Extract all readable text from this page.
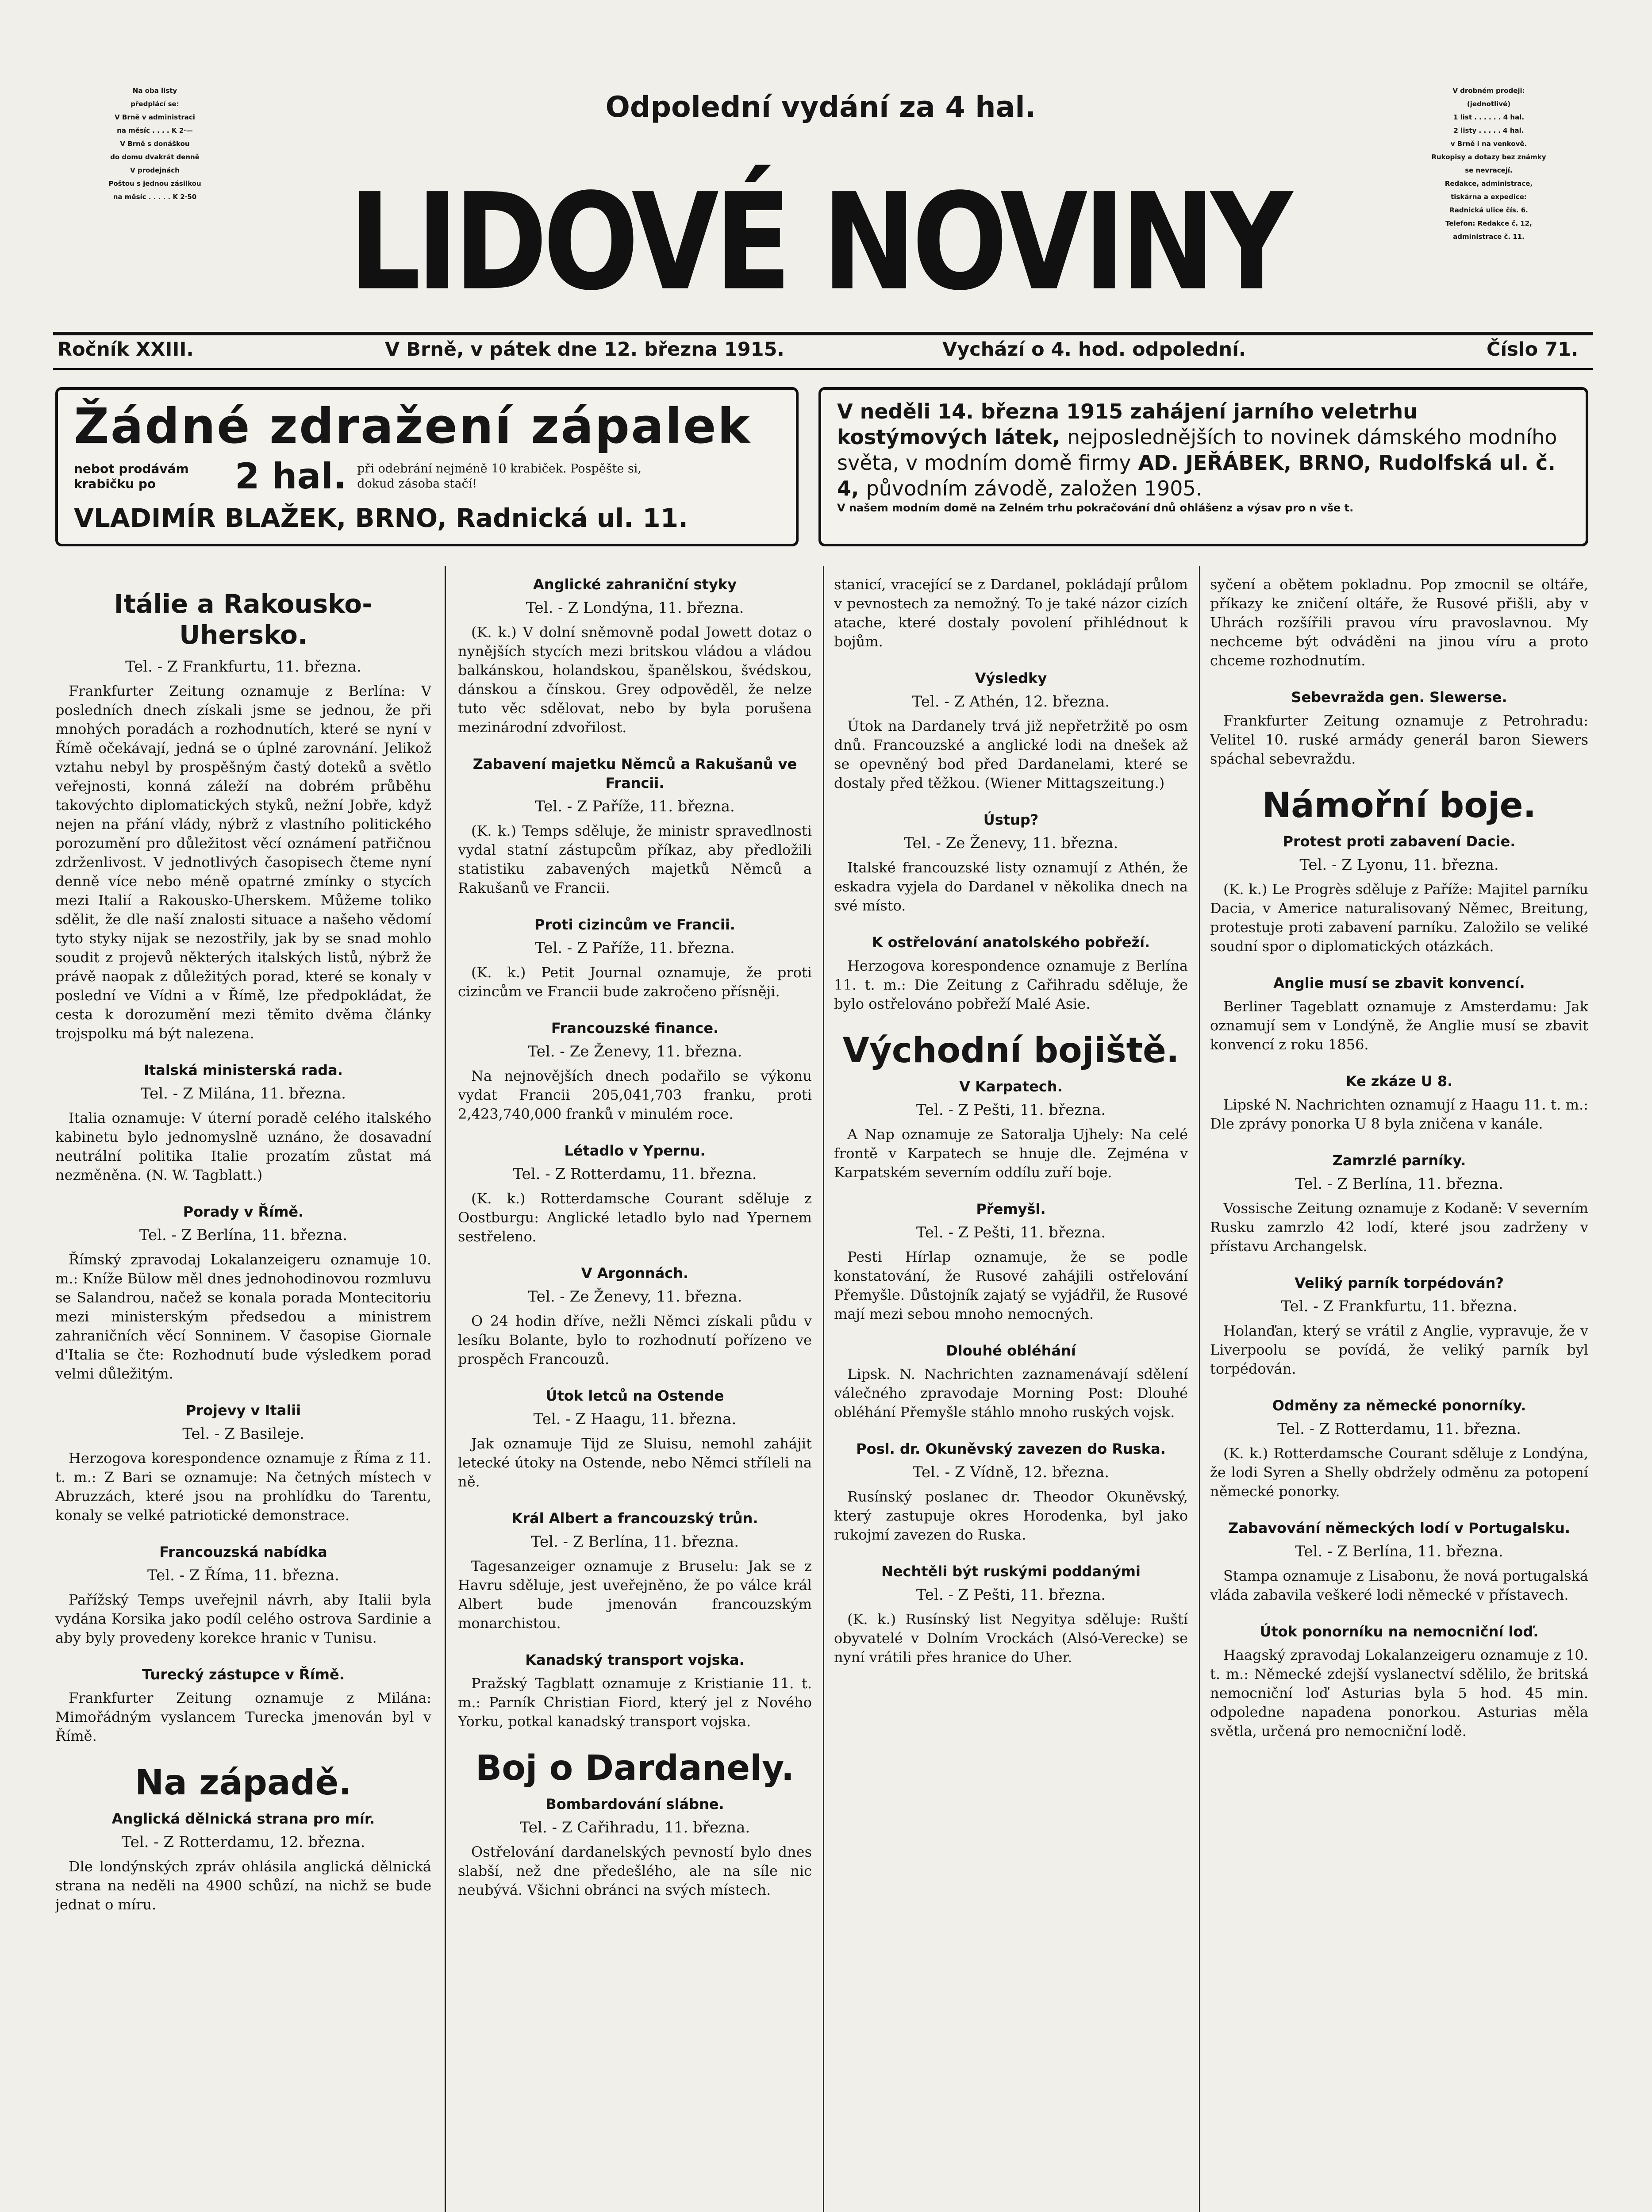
Na oba listy
předplácí se:
V Brně v administraci
na měsíc . . . . K 2·—
V Brně s donáškou
do domu dvakrát denně
V prodejnách
Poštou s jednou zásilkou
na měsíc . . . . . K 2·50
Odpolední vydání za 4 hal.
LIDOVÉ NOVINY
V drobném prodeji:
(jednotlivé)
1 list . . . . . . 4 hal.
2 listy . . . . . 4 hal.
v Brně i na venkově.
Rukopisy a dotazy bez známky
se nevracejí.
Redakce, administrace,
tiskárna a expedice:
Radnická ulice čís. 6.
Telefon: Redakce č. 12,
administrace č. 11.
Ročník XXIII.	V Brně, v pátek dne 12. března 1915.	Vychází o 4. hod. odpolední.	Číslo 71.
Žádné zdražení zápalek
nebot prodávám krabičku po	2 hal. při odebrání nejméně 10 krabiček. Pospěšte si, dokud zásoba stačí!
VLADIMÍR BLAŽEK, BRNO, Radnická ul. 11.
V neděli 14. března 1915 zahájení jarního veletrhu kostýmových látek, nejposlednějších to novinek dámského modního světa, v modním domě firmy AD. JEŘÁBEK, BRNO, Rudolfská ul. č. 4, původním závodě, založen 1905.
V našem modním domě na Zelném trhu pokračování dnů ohlášenz a výsav pro n vše t.
Itálie a Rakousko-Uhersko.
Tel. - Z Frankfurtu, 11. března.

Frankfurter Zeitung oznamuje z Berlína: V posledních dnech získali jsme se jednou, že při mnohých poradách a rozhodnutích, které se nyní v Římě očekávají, jedná se o úplné zarovnání. Jelikož vztahu nebyl by prospěšným častý doteků a světlo veřejnosti, konná záleží na dobrém průběhu takovýchto diplomatických styků, nežní Jobře, když nejen na přání vlády, nýbrž z vlastního politického porozumění pro důležitost věcí oznámení patřičnou zdrženlivost. V jednotlivých časopisech čteme nyní denně více nebo méně opatrné zmínky o stycích mezi Italií a Rakousko-Uherskem. Můžeme toliko sdělit, že dle naší znalosti situace a našeho vědomí tyto styky nijak se nezostřily, jak by se snad mohlo soudit z projevů některých italských listů, nýbrž že právě naopak z důležitých porad, které se konaly v poslední ve Vídni a v Římě, lze předpokládat, že cesta k dorozumění mezi těmito dvěma články trojspolku má být nalezena.

Italská ministerská rada.
Tel. - Z Milána, 11. března.

Italia oznamuje: V úterní poradě celého italského kabinetu bylo jednomyslně uznáno, že dosavadní neutrální politika Italie prozatím zůstat má nezměněna. (N. W. Tagblatt.)

Porady v Římě.
Tel. - Z Berlína, 11. března.

Římský zpravodaj Lokalanzeigeru oznamuje 10. m.: Kníže Bülow měl dnes jednohodinovou rozmluvu se Salandrou, načež se konala porada Montecitoriu mezi ministerským předsedou a ministrem zahraničních věcí Sonninem. V časopise Giornale d'Italia se čte: Rozhodnutí bude výsledkem porad velmi důležitým.

Projevy v Italii
Tel. - Z Basileje.

Herzogova korespondence oznamuje z Říma z 11. t. m.: Z Bari se oznamuje: Na četných místech v Abruzzách, které jsou na prohlídku do Tarentu, konaly se velké patriotické demonstrace.

Francouzská nabídka
Tel. - Z Říma, 11. března.

Pařížský Temps uveřejnil návrh, aby Italii byla vydána Korsika jako podíl celého ostrova Sardinie a aby byly provedeny korekce hranic v Tunisu.

Turecký zástupce v Římě.

Frankfurter Zeitung oznamuje z Milána: Mimořádným vyslancem Turecka jmenován byl v Římě.

Na západě.
Anglická dělnická strana pro mír.
Tel. - Z Rotterdamu, 12. března.

Dle londýnských zpráv ohlásila anglická dělnická strana na neděli na 4900 schůzí, na nichž se bude jednat o míru.

Anglické zahraniční styky
Tel. - Z Londýna, 11. března.

(K. k.) V dolní sněmovně podal Jowett dotaz o nynějších stycích mezi britskou vládou a vládou balkánskou, holandskou, španělskou, švédskou, dánskou a čínskou. Grey odpověděl, že nelze tuto věc sdělovat, nebo by byla porušena mezinárodní zdvořilost.

Zabavení majetku Němců a Rakušanů ve Francii.
Tel. - Z Paříže, 11. března.

(K. k.) Temps sděluje, že ministr spravedlnosti vydal statní zástupcům příkaz, aby předložili statistiku zabavených majetků Němců a Rakušanů ve Francii.

Proti cizincům ve Francii.
Tel. - Z Paříže, 11. března.

(K. k.) Petit Journal oznamuje, že proti cizincům ve Francii bude zakročeno přísněji.

Francouzské finance.
Tel. - Ze Ženevy, 11. března.

Na nejnovějších dnech podařilo se výkonu vydat Francii 205,041,703 franku, proti 2,423,740,000 franků v minulém roce.

Létadlo v Ypernu.
Tel. - Z Rotterdamu, 11. března.

(K. k.) Rotterdamsche Courant sděluje z Oostburgu: Anglické letadlo bylo nad Ypernem sestřeleno.

V Argonnách.
Tel. - Ze Ženevy, 11. března.

O 24 hodin dříve, nežli Němci získali půdu v lesíku Bolante, bylo to rozhodnutí pořízeno ve prospěch Francouzů.

Útok letců na Ostende
Tel. - Z Haagu, 11. března.

Jak oznamuje Tijd ze Sluisu, nemohl zahájit letecké útoky na Ostende, nebo Němci stříleli na ně.

Král Albert a francouzský trůn.
Tel. - Z Berlína, 11. března.

Tagesanzeiger oznamuje z Bruselu: Jak se z Havru sděluje, jest uveřejněno, že po válce král Albert bude jmenován francouzským monarchistou.

Kanadský transport vojska.

Pražský Tagblatt oznamuje z Kristianie 11. t. m.: Parník Christian Fiord, který jel z Nového Yorku, potkal kanadský transport vojska.

Boj o Dardanely.
Bombardování slábne.
Tel. - Z Cařihradu, 11. března.

Ostřelování dardanelských pevností bylo dnes slabší, než dne předešlého, ale na síle nic neubývá. Všichni obránci na svých místech.

stanicí, vracející se z Dardanel, pokládají průlom v pevnostech za nemožný. To je také názor cizích atache, které dostaly povolení přihlédnout k bojům.

Výsledky
Tel. - Z Athén, 12. března.

Útok na Dardanely trvá již nepřetržitě po osm dnů. Francouzské a anglické lodi na dnešek až se opevněný bod před Dardanelami, které se dostaly před těžkou. (Wiener Mittagszeitung.)

Ústup?
Tel. - Ze Ženevy, 11. března.

Italské francouzské listy oznamují z Athén, že eskadra vyjela do Dardanel v několika dnech na své místo.

K ostřelování anatolského pobřeží.

Herzogova korespondence oznamuje z Berlína 11. t. m.: Die Zeitung z Cařihradu sděluje, že bylo ostřelováno pobřeží Malé Asie.

Východní bojiště.
V Karpatech.
Tel. - Z Pešti, 11. března.

A Nap oznamuje ze Satoralja Ujhely: Na celé frontě v Karpatech se hnuje dle. Zejména v Karpatském severním oddílu zuří boje.

Přemyšl.
Tel. - Z Pešti, 11. března.

Pesti Hírlap oznamuje, že se podle konstatování, že Rusové zahájili ostřelování Přemyšle. Důstojník zajatý se vyjádřil, že Rusové mají mezi sebou mnoho nemocných.

Dlouhé obléhání

Lipsk. N. Nachrichten zaznamenávají sdělení válečného zpravodaje Morning Post: Dlouhé obléhání Přemyšle stáhlo mnoho ruských vojsk.

Posl. dr. Okuněvský zavezen do Ruska.
Tel. - Z Vídně, 12. března.

Rusínský poslanec dr. Theodor Okuněvský, který zastupuje okres Horodenka, byl jako rukojmí zavezen do Ruska.

Nechtěli být ruskými poddanými
Tel. - Z Pešti, 11. března.

(K. k.) Rusínský list Negyitya sděluje: Ruští obyvatelé v Dolním Vrockách (Alsó-Verecke) se nyní vrátili přes hranice do Uher.

syčení a obětem pokladnu. Pop zmocnil se oltáře, příkazy ke zničení oltáře, že Rusové přišli, aby v Uhrách rozšířili pravou víru pravoslavnou. My nechceme být odváděni na jinou víru a proto chceme rozhodnutím.

Sebevražda gen. Slewerse.

Frankfurter Zeitung oznamuje z Petrohradu: Velitel 10. ruské armády generál baron Siewers spáchal sebevraždu.

Námořní boje.
Protest proti zabavení Dacie.
Tel. - Z Lyonu, 11. března.

(K. k.) Le Progrès sděluje z Paříže: Majitel parníku Dacia, v Americe naturalisovaný Němec, Breitung, protestuje proti zabavení parníku. Založilo se veliké soudní spor o diplomatických otázkách.

Anglie musí se zbavit konvencí.

Berliner Tageblatt oznamuje z Amsterdamu: Jak oznamují sem v Londýně, že Anglie musí se zbavit konvencí z roku 1856.

Ke zkáze U 8.

Lipské N. Nachrichten oznamují z Haagu 11. t. m.: Dle zprávy ponorka U 8 byla zničena v kanále.

Zamrzlé parníky.
Tel. - Z Berlína, 11. března.

Vossische Zeitung oznamuje z Kodaně: V severním Rusku zamrzlo 42 lodí, které jsou zadrženy v přístavu Archangelsk.

Veliký parník torpédován?
Tel. - Z Frankfurtu, 11. března.

Holanďan, který se vrátil z Anglie, vypravuje, že v Liverpoolu se povídá, že veliký parník byl torpédován.

Odměny za německé ponorníky.
Tel. - Z Rotterdamu, 11. března.

(K. k.) Rotterdamsche Courant sděluje z Londýna, že lodi Syren a Shelly obdržely odměnu za potopení německé ponorky.

Zabavování německých lodí v Portugalsku.
Tel. - Z Berlína, 11. března.

Stampa oznamuje z Lisabonu, že nová portugalská vláda zabavila veškeré lodi německé v přístavech.

Útok ponorníku na nemocniční loď.

Haagský zpravodaj Lokalanzeigeru oznamuje z 10. t. m.: Německé zdejší vyslanectví sdělilo, že britská nemocniční loď Asturias byla 5 hod. 45 min. odpoledne napadena ponorkou. Asturias měla světla, určená pro nemocniční lodě.
